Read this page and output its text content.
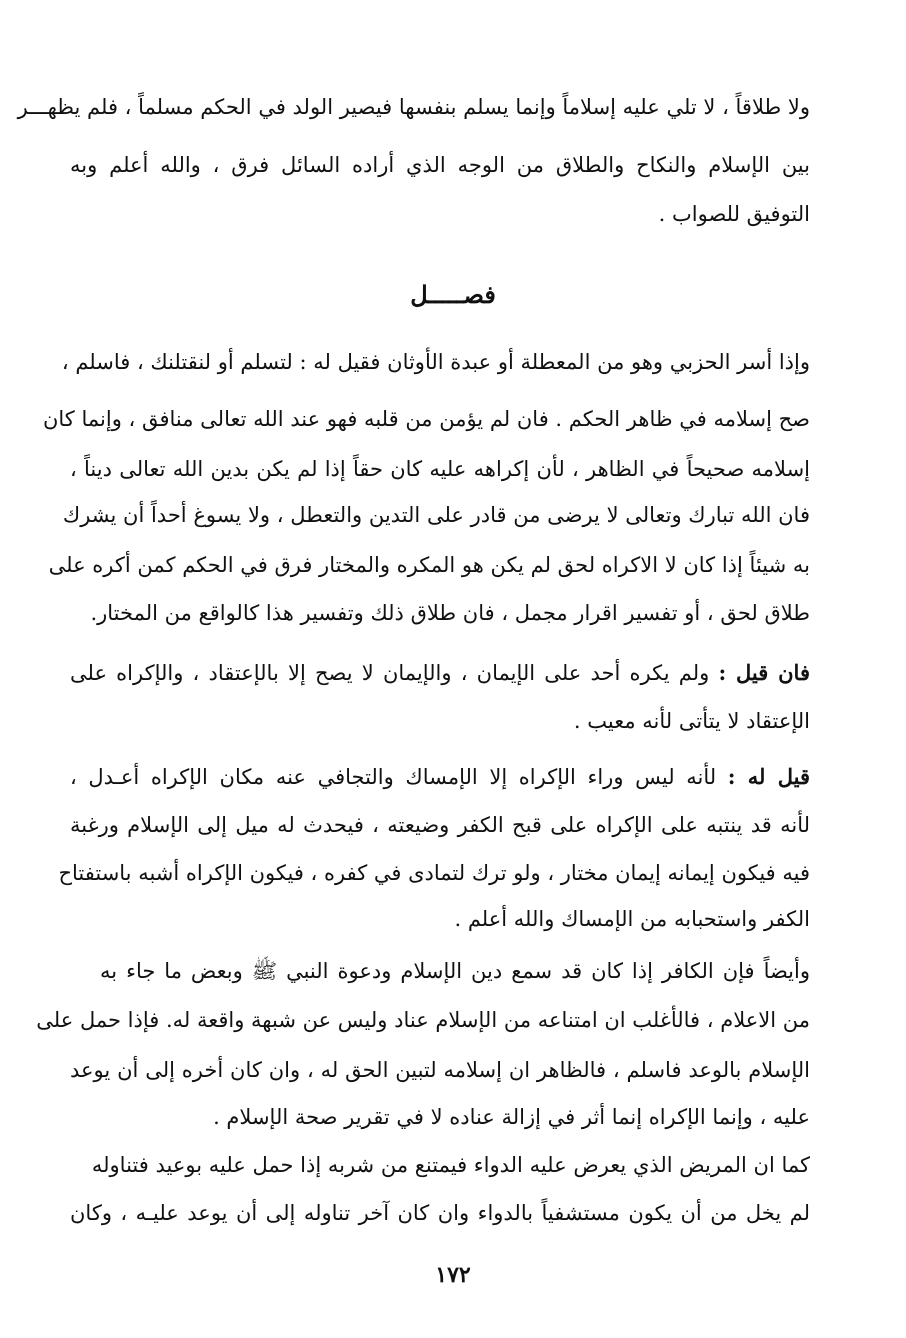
ولا طلاقاً ، لا تلي عليه إسلاماً وإنما يسلم بنفسها فيصير الولد في الحكم مسلماً ، فلم يظهـــر
بين الإسلام والنكاح والطلاق من الوجه الذي أراده السائل فرق ، والله أعلم وبه
التوفيق للصواب .
فصـــــل
وإذا أسر الحزبي وهو من المعطلة أو عبدة الأوثان فقيل له : لتسلم أو لنقتلنك ، فاسلم ،
صح إسلامه في ظاهر الحكم . فان لم يؤمن من قلبه فهو عند الله تعالى منافق ، وإنما كان
إسلامه صحيحاً في الظاهر ، لأن إكراهه عليه كان حقاً إذا لم يكن بدين الله تعالى ديناً ،
فان الله تبارك وتعالى لا يرضى من قادر على التدين والتعطل ، ولا يسوغ أحداً أن يشرك
به شيئاً إذا كان لا الاكراه لحق لم يكن هو المكره والمختار فرق في الحكم كمن أكره على
طلاق لحق ، أو تفسير اقرار مجمل ، فان طلاق ذلك وتفسير هذا كالواقع من المختار.
فان قيل : ولم يكره أحد على الإيمان ، والإيمان لا يصح إلا بالإعتقاد ، والإكراه على
الإعتقاد لا يتأتى لأنه معيب .
قيل له : لأنه ليس وراء الإكراه إلا الإمساك والتجافي عنه مكان الإكراه أعـدل ،
لأنه قد ينتبه على الإكراه على قبح الكفر وضيعته ، فيحدث له ميل إلى الإسلام ورغبة
فيه فيكون إيمانه إيمان مختار ، ولو ترك لتمادى في كفره ، فيكون الإكراه أشبه باستفتاح
الكفر واستحبابه من الإمساك والله أعلم .
وأيضاً فإن الكافر إذا كان قد سمع دين الإسلام ودعوة النبي ﷺ وبعض ما جاء به
من الاعلام ، فالأغلب ان امتناعه من الإسلام عناد وليس عن شبهة واقعة له. فإذا حمل على
الإسلام بالوعد فاسلم ، فالظاهر ان إسلامه لتبين الحق له ، وان كان أخره إلى أن يوعد
عليه ، وإنما الإكراه إنما أثر في إزالة عناده لا في تقرير صحة الإسلام .
كما ان المريض الذي يعرض عليه الدواء فيمتنع من شربه إذا حمل عليه بوعيد فتناوله
لم يخل من أن يكون مستشفياً بالدواء وان كان آخر تناوله إلى أن يوعد عليـه ، وكان
١٧٢
